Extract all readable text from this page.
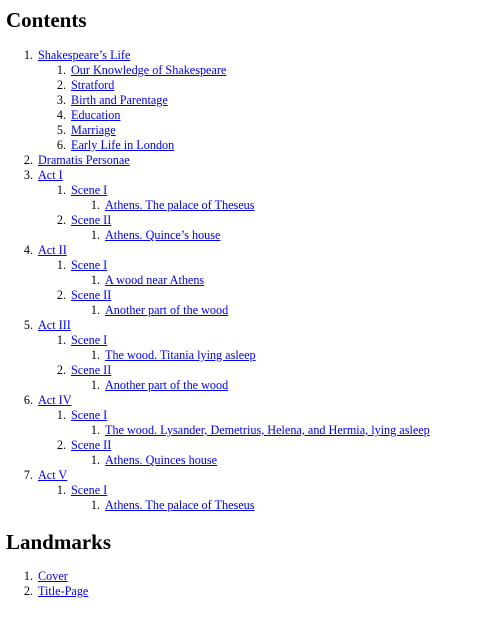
Contents
1. Shakespeare’s Life
1. Our Knowledge of Shakespeare
2. Stratford
3. Birth and Parentage
4. Education
5. Marriage
6. Early Life in London
2. Dramatis Personae
3. Act I
1. Scene I
1. Athens. The palace of Theseus
2. Scene II
1. Athens. Quince’s house
4. Act II
1. Scene I
1. A wood near Athens
2. Scene II
1. Another part of the wood
5. Act III
1. Scene I
1. The wood. Titania lying asleep
2. Scene II
1. Another part of the wood
6. Act IV
1. Scene I
1. The wood. Lysander, Demetrius, Helena, and Hermia, lying asleep
2. Scene II
1. Athens. Quinces house
7. Act V
1. Scene I
1. Athens. The palace of Theseus
Landmarks
1. Cover
2. Title-Page
